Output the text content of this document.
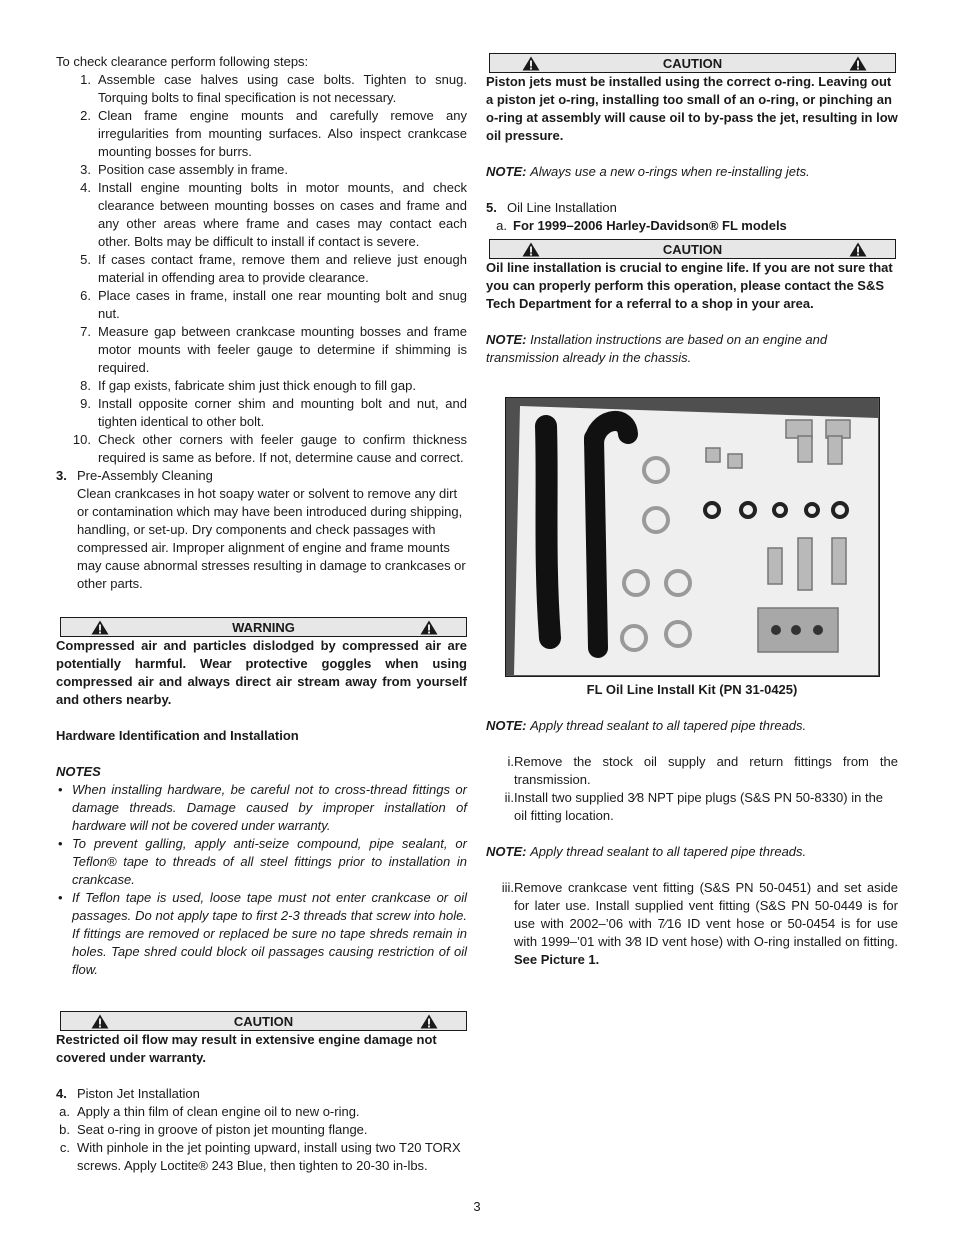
To check clearance perform following steps:

1. Assemble case halves using case bolts. Tighten to snug. Torquing bolts to final specification is not necessary.
2. Clean frame engine mounts and carefully remove any irregularities from mounting surfaces. Also inspect crankcase mounting bosses for burrs.
3. Position case assembly in frame.
4. Install engine mounting bolts in motor mounts, and check clearance between mounting bosses on cases and frame and any other areas where frame and cases may contact each other. Bolts may be difficult to install if contact is severe.
5. If cases contact frame, remove them and relieve just enough material in offending area to provide clearance.
6. Place cases in frame, install one rear mounting bolt and snug nut.
7. Measure gap between crankcase mounting bosses and frame motor mounts with feeler gauge to determine if shimming is required.
8. If gap exists, fabricate shim just thick enough to fill gap.
9. Install opposite corner shim and mounting bolt and nut, and tighten identical to other bolt.
10. Check other corners with feeler gauge to confirm thickness required is same as before. If not, determine cause and correct.
3. Pre-Assembly Cleaning

Clean crankcases in hot soapy water or solvent to remove any dirt or contamination which may have been introduced during shipping, handling, or set-up. Dry components and check passages with compressed air. Improper alignment of engine and frame mounts may cause abnormal stresses resulting in damage to crankcases or other parts.

WARNING

Compressed air and particles dislodged by compressed air are potentially harmful. Wear protective goggles when using compressed air and always direct air stream away from yourself and others nearby.

Hardware Identification and Installation

NOTES

• When installing hardware, be careful not to cross-thread fittings or damage threads. Damage caused by improper installation of hardware will not be covered under warranty.
• To prevent galling, apply anti-seize compound, pipe sealant, or Teflon® tape to threads of all steel fittings prior to installation in crankcase.
• If Teflon tape is used, loose tape must not enter crankcase or oil passages. Do not apply tape to first 2-3 threads that screw into hole. If fittings are removed or replaced be sure no tape shreds remain in holes. Tape shred could block oil passages causing restriction of oil flow.
CAUTION

Restricted oil flow may result in extensive engine damage not covered under warranty.

4. Piston Jet Installation
a. Apply a thin film of clean engine oil to new o-ring.
b. Seat o-ring in groove of piston jet mounting flange.
c. With pinhole in the jet pointing upward, install using two T20 TORX screws. Apply Loctite® 243 Blue, then tighten to 20-30 in-lbs.
CAUTION

Piston jets must be installed using the correct o-ring. Leaving out a piston jet o-ring, installing too small of an o-ring, or pinching an o-ring at assembly will cause oil to by-pass the jet, resulting in low oil pressure.

NOTE: Always use a new o-rings when re-installing jets.

5. Oil Line Installation
a. For 1999–2006 Harley-Davidson® FL models
CAUTION

Oil line installation is crucial to engine life. If you are not sure that you can properly perform this operation, please contact the S&S Tech Department for a referral to a shop in your area.

NOTE: Installation instructions are based on an engine and transmission already in the chassis.

FL Oil Line Install Kit (PN 31-0425)

NOTE: Apply thread sealant to all tapered pipe threads.

i. Remove the stock oil supply and return fittings from the transmission.
ii. Install two supplied 3⁄8 NPT pipe plugs (S&S PN 50-8330) in the oil fitting location.

NOTE: Apply thread sealant to all tapered pipe threads.

iii. Remove crankcase vent fitting (S&S PN 50-0451) and set aside for later use. Install supplied vent fitting (S&S PN 50-0449 is for use with 2002–’06 with 7⁄16 ID vent hose or 50-0454 is for use with 1999–’01 with 3⁄8 ID vent hose) with O-ring installed on fitting. See Picture 1.
3
